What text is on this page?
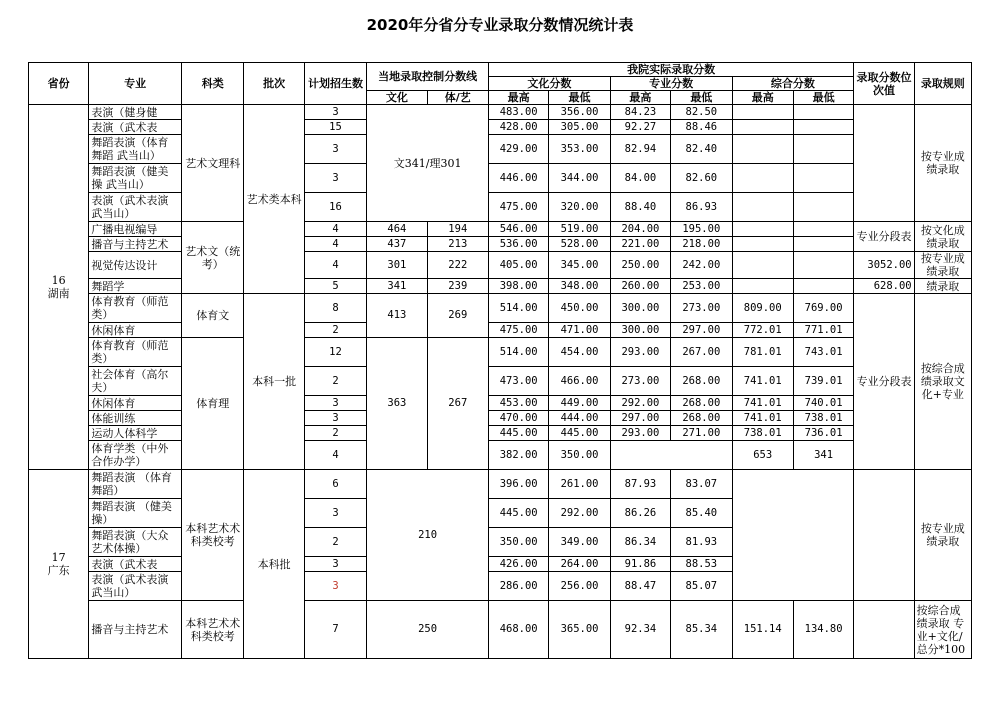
2020年分省分专业录取分数情况统计表
省份	专业	科类	批次	计划招生数	当地录取控制分数线		我院实际录取分数						录取分数位次值	录取规则
							文化分数		专业分数		综合分数			
					文化	体/艺	最高	最低	最高	最低	最高	最低		
16
湖南	表演（健身健	艺术文理科	艺术类本科	3	文341/理301		483.00	356.00	84.23	82.50				按专业成绩录取
	表演（武术表			15			428.00	305.00	92.27	88.46				
	舞蹈表演（体育舞蹈 武当山）			3			429.00	353.00	82.94	82.40				
	舞蹈表演（健美操 武当山）			3			446.00	344.00	84.00	82.60				
	表演（武术表演武当山）			16			475.00	320.00	88.40	86.93				
	广播电视编导	艺术文（统考）		4	464	194	546.00	519.00	204.00	195.00			专业分段表	按文化成绩录取
	播音与主持艺术			4	437	213	536.00	528.00	221.00	218.00				
	视觉传达设计			4	301	222	405.00	345.00	250.00	242.00			3052.00	按专业成绩录取
	舞蹈学			5	341	239	398.00	348.00	260.00	253.00			628.00	绩录取
	体育教育（师范类）	体育文	本科一批	8	413	269	514.00	450.00	300.00	273.00	809.00	769.00	专业分段表	按综合成绩录取文化+专业
	休闲体育			2			475.00	471.00	300.00	297.00	772.01	771.01		
	体育教育（师范类）	体育理		12	363	267	514.00	454.00	293.00	267.00	781.01	743.01		
	社会体育（高尔夫）			2			473.00	466.00	273.00	268.00	741.01	739.01		
	休闲体育			3			453.00	449.00	292.00	268.00	741.01	740.01		
	体能训练			3			470.00	444.00	297.00	268.00	741.01	738.01		
	运动人体科学			2			445.00	445.00	293.00	271.00	738.01	736.01		
	体育学类（中外合作办学）			4			382.00	350.00			653	341		
17
广东	舞蹈表演 （体育舞蹈）	本科艺术术科类校考	本科批	6	210		396.00	261.00	87.93	83.07				按专业成绩录取
	舞蹈表演 （健美操）			3			445.00	292.00	86.26	85.40				
	舞蹈表演（大众艺术体操）			2			350.00	349.00	86.34	81.93				
	表演（武术表			3			426.00	264.00	91.86	88.53				
	表演（武术表演武当山）			3			286.00	256.00	88.47	85.07				
	播音与主持艺术	本科艺术术科类校考		7	250		468.00	365.00	92.34	85.34	151.14	134.80		按综合成绩录取 专业+文化/总分*100
